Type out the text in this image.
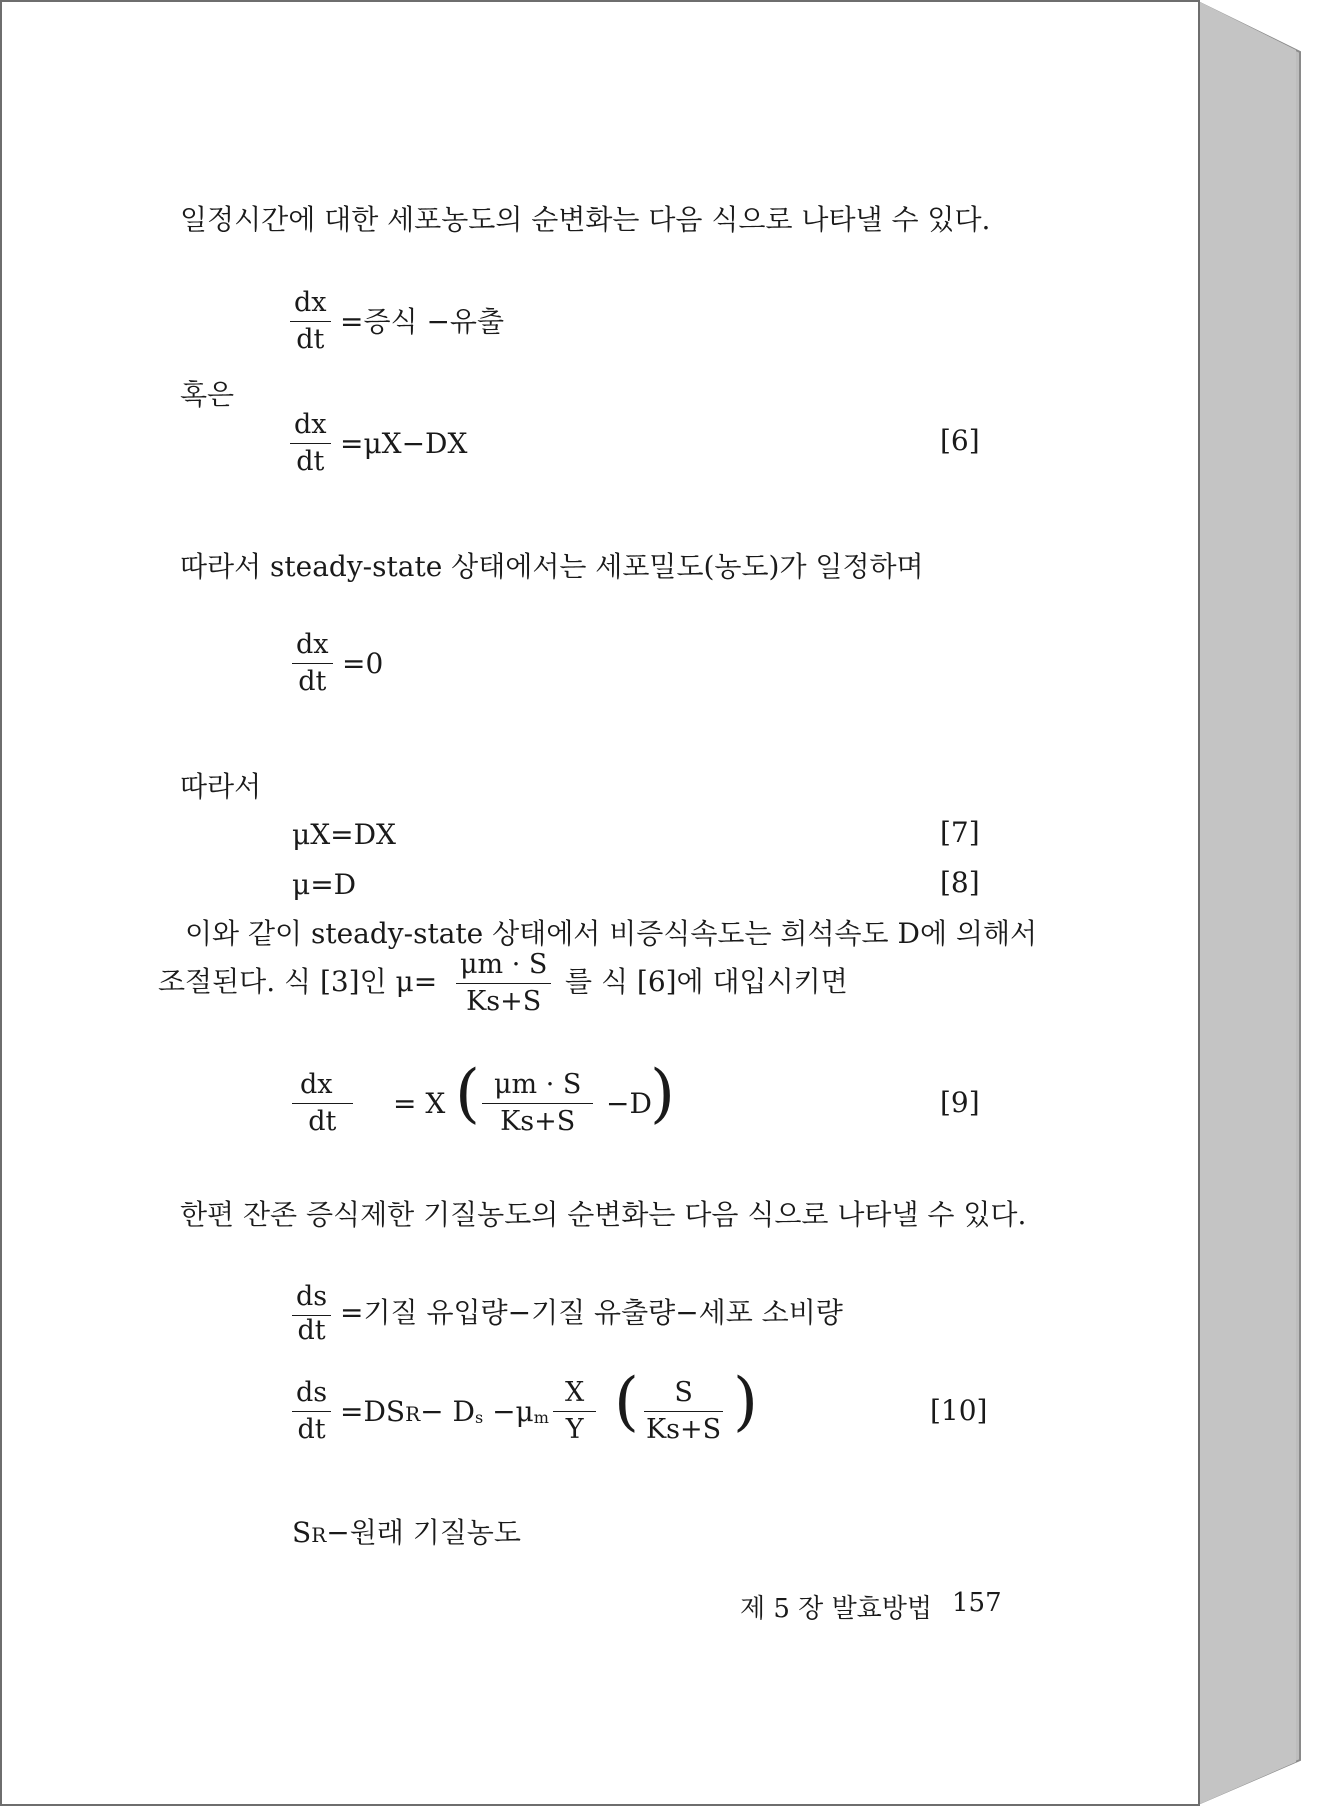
일정시간에 대한 세포농도의 순변화는 다음 식으로 나타낼 수 있다.
$\frac{dx}{dt}$ =증식 −유출
혹은
$\frac{dx}{dt} =\mu X-DX$	[6]
따라서 steady-state 상태에서는 세포밀도(농도)가 일정하며
$\frac{dx}{dt} =0$
따라서
μX=DX	[7]
μ=D	[8]
이와 같이 steady-state 상태에서 비증식속도는 희석속도 D에 의해서
조절된다. 식 [3]인 $\mu= \frac{\mu m \cdot S}{Ks+S}$ 를 식 [6]에 대입시키면
$\frac{dx}{dt} = X$ ( $\frac{\mu m \cdot S}{Ks+S} -D$
)	[9]
한편 잔존 증식제한 기질농도의 순변화는 다음 식으로 나타낼 수 있다.
$\frac{ds}{dt}$ =기질 유입량−기질 유출량−세포 소비량
$\frac{ds}{dt} =DSR- Ds -\mu m \frac{X}{Y}$ ( $\frac{S}{Ks+S}$ )	[10]
SR−원래 기질농도
제 5 장 발효방법 157
